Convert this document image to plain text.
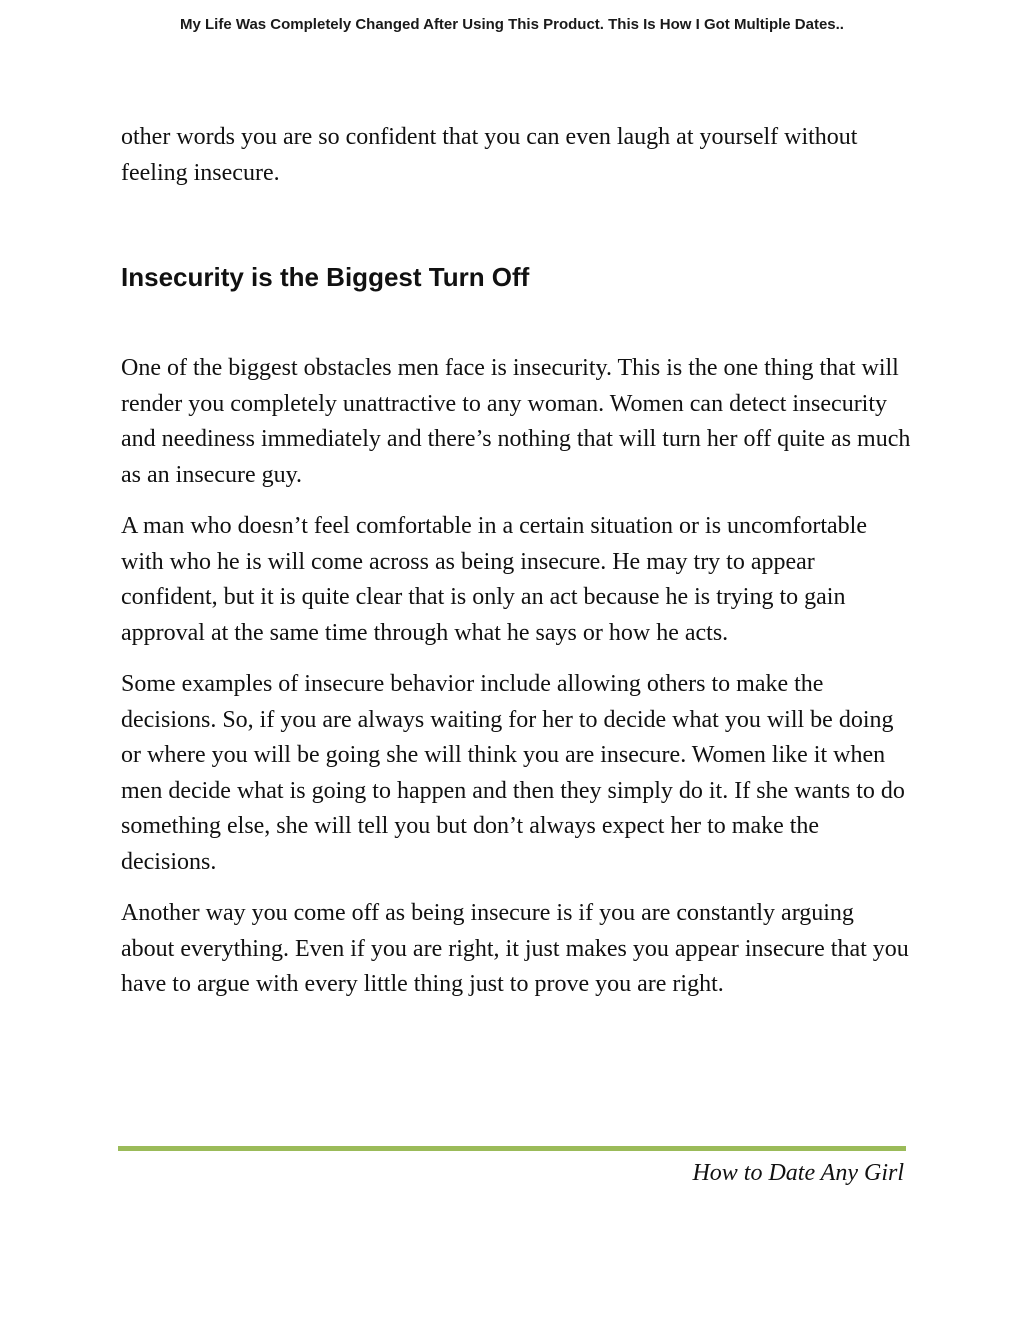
My Life Was Completely Changed After Using This Product. This Is How I Got Multiple Dates..

other words you are so confident that you can even laugh at yourself without feeling insecure.

Insecurity is the Biggest Turn Off

One of the biggest obstacles men face is insecurity. This is the one thing that will render you completely unattractive to any woman. Women can detect insecurity and neediness immediately and there’s nothing that will turn her off quite as much as an insecure guy.

A man who doesn’t feel comfortable in a certain situation or is uncomfortable with who he is will come across as being insecure. He may try to appear confident, but it is quite clear that is only an act because he is trying to gain approval at the same time through what he says or how he acts.

Some examples of insecure behavior include allowing others to make the decisions. So, if you are always waiting for her to decide what you will be doing or where you will be going she will think you are insecure. Women like it when men decide what is going to happen and then they simply do it. If she wants to do something else, she will tell you but don’t always expect her to make the decisions.

Another way you come off as being insecure is if you are constantly arguing about everything. Even if you are right, it just makes you appear insecure that you have to argue with every little thing just to prove you are right.

How to Date Any Girl
